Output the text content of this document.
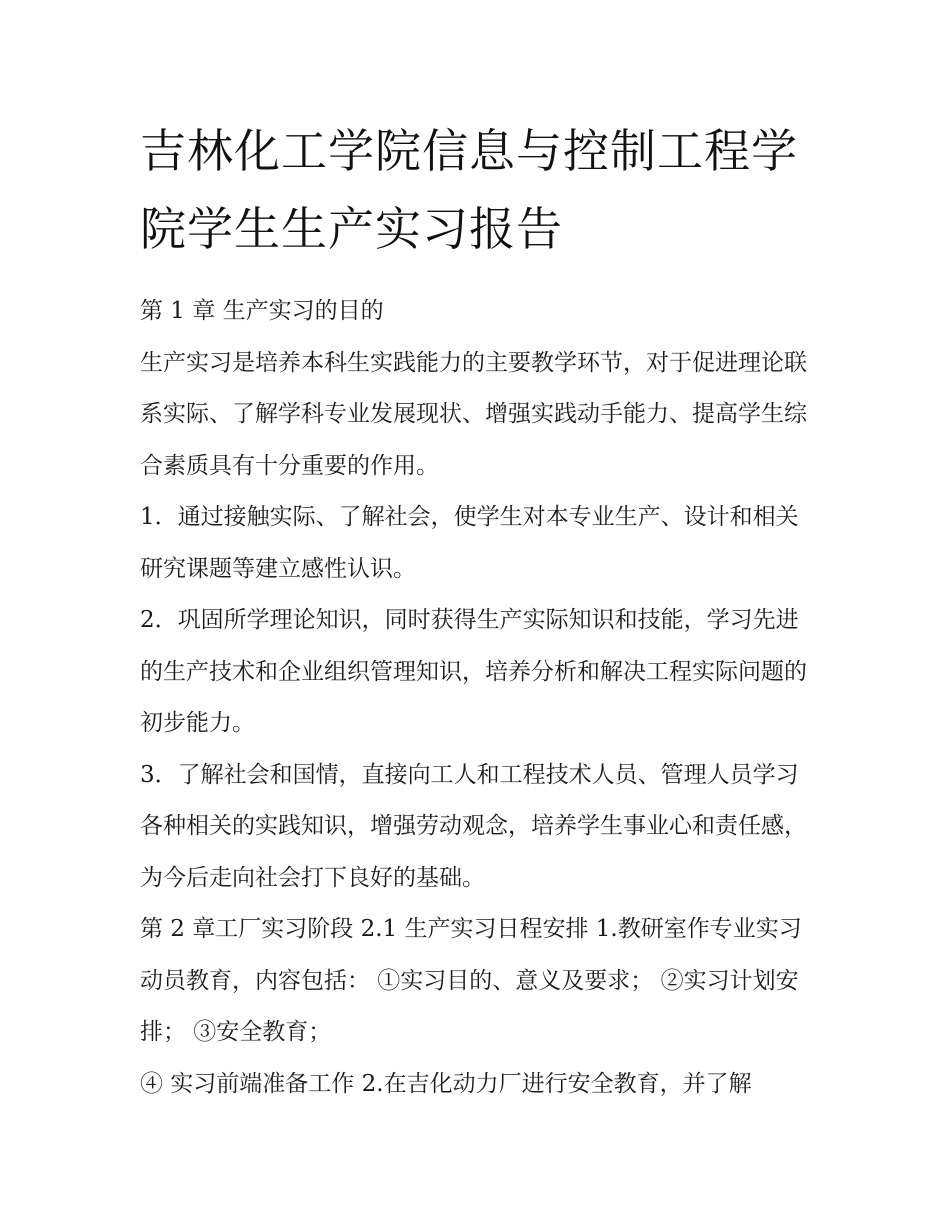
吉林化工学院信息与控制工程学院学生生产实习报告

第 1 章 生产实习的目的

生产实习是培养本科生实践能力的主要教学环节，对于促进理论联系实际、了解学科专业发展现状、增强实践动手能力、提高学生综合素质具有十分重要的作用。

1．通过接触实际、了解社会，使学生对本专业生产、设计和相关研究课题等建立感性认识。

2．巩固所学理论知识，同时获得生产实际知识和技能，学习先进的生产技术和企业组织管理知识，培养分析和解决工程实际问题的初步能力。

3．了解社会和国情，直接向工人和工程技术人员、管理人员学习各种相关的实践知识，增强劳动观念，培养学生事业心和责任感，为今后走向社会打下良好的基础。

第 2 章工厂实习阶段 2.1 生产实习日程安排 1.教研室作专业实习动员教育，内容包括： ①实习目的、意义及要求； ②实习计划安排； ③安全教育；

④ 实习前端准备工作 2.在吉化动力厂进行安全教育，并了解
